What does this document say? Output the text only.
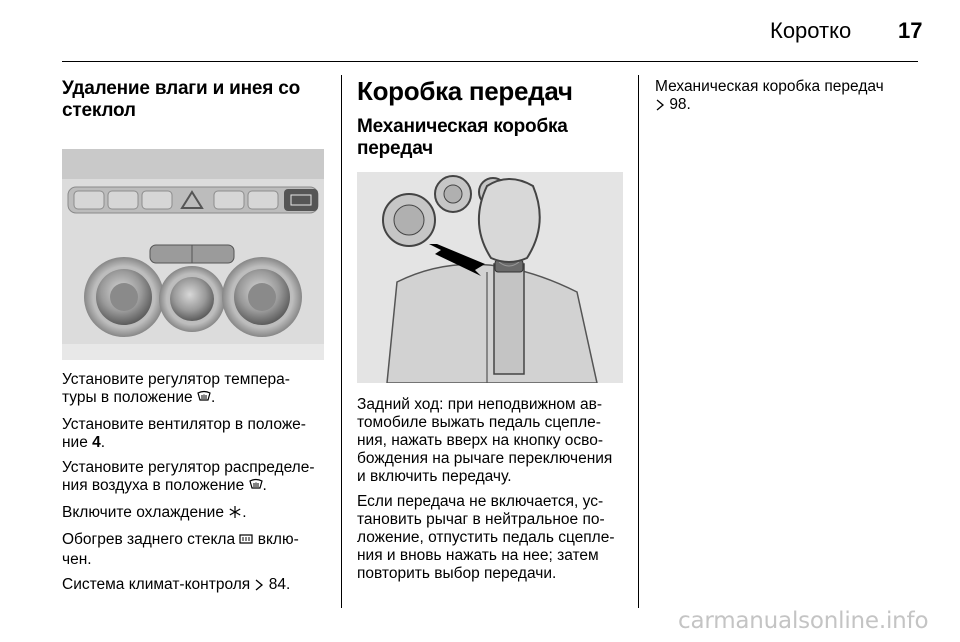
Коротко 17
Удаление влаги и инея со стеклол

Установите регулятор темпера-туры в положение .

Установите вентилятор в положе-ние 4.

Установите регулятор распределе-ния воздуха в положение .

Включите охлаждение .

Обогрев заднего стекла вклю-чен.

Система климат-контроля 84.

Коробка передач
Механическая коробка передач

Задний ход: при неподвижном ав-томобиле выжать педаль сцепле-ния, нажать вверх на кнопку осво-бождения на рычаге переключения и включить передачу.

Если передача не включается, ус-тановить рычаг в нейтральное по-ложение, отпустить педаль сцепле-ния и вновь нажать на нее; затем повторить выбор передачи.

Механическая коробка передач
98.

carmanualsonline.info
